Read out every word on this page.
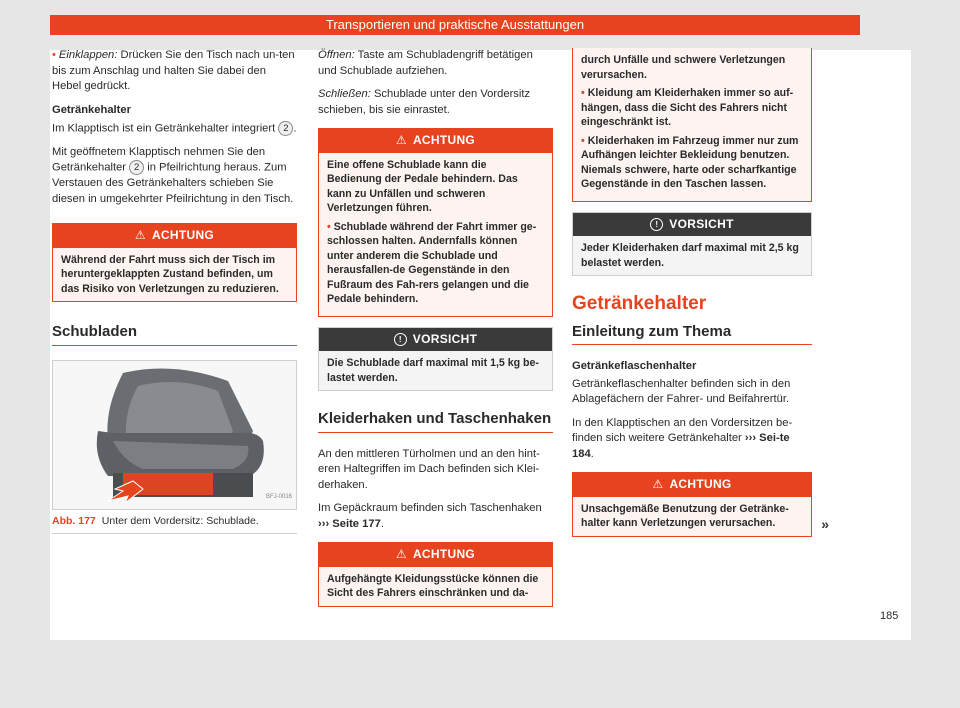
Transportieren und praktische Ausstattungen

• Einklappen: Drücken Sie den Tisch nach un-ten bis zum Anschlag und halten Sie dabei den Hebel gedrückt.

Getränkehalter

Im Klapptisch ist ein Getränkehalter integriert 2 .

Mit geöffnetem Klapptisch nehmen Sie den Getränkehalter 2 in Pfeilrichtung heraus. Zum Verstauen des Getränkehalters schieben Sie diesen in umgekehrter Pfeilrichtung in den Tisch.

⚠ ACHTUNG
Während der Fahrt muss sich der Tisch im heruntergeklappten Zustand befinden, um das Risiko von Verletzungen zu reduzieren.
Schubladen
BFJ-0016
Abb. 177 Unter dem Vordersitz: Schublade.

Öffnen: Taste am Schubladengriff betätigen und Schublade aufziehen.

Schließen: Schublade unter den Vordersitz schieben, bis sie einrastet.

⚠ ACHTUNG

Eine offene Schublade kann die Bedienung der Pedale behindern. Das kann zu Unfällen und schweren Verletzungen führen.

• Schublade während der Fahrt immer ge-schlossen halten. Andernfalls können unter anderem die Schublade und herausfallen-de Gegenstände in den Fußraum des Fah-rers gelangen und die Pedale behindern.

! VORSICHT
Die Schublade darf maximal mit 1,5 kg be-lastet werden.
Kleiderhaken und Taschenhaken

An den mittleren Türholmen und an den hint-eren Haltegriffen im Dach befinden sich Klei-derhaken.

Im Gepäckraum befinden sich Taschenhaken ››› Seite 177.

⚠ ACHTUNG
Aufgehängte Kleidungsstücke können die Sicht des Fahrers einschränken und da-

durch Unfälle und schwere Verletzungen verursachen.

• Kleidung am Kleiderhaken immer so auf-hängen, dass die Sicht des Fahrers nicht eingeschränkt ist.

• Kleiderhaken im Fahrzeug immer nur zum Aufhängen leichter Bekleidung benutzen. Niemals schwere, harte oder scharfkantige Gegenstände in den Taschen lassen.

! VORSICHT
Jeder Kleiderhaken darf maximal mit 2,5 kg belastet werden.
Getränkehalter
Einleitung zum Thema

Getränkeflaschenhalter

Getränkeflaschenhalter befinden sich in den Ablagefächern der Fahrer- und Beifahrertür.

In den Klapptischen an den Vordersitzen be-finden sich weitere Getränkehalter ››› Sei-te 184.

⚠ ACHTUNG
Unsachgemäße Benutzung der Getränke-halter kann Verletzungen verursachen.	»
185
